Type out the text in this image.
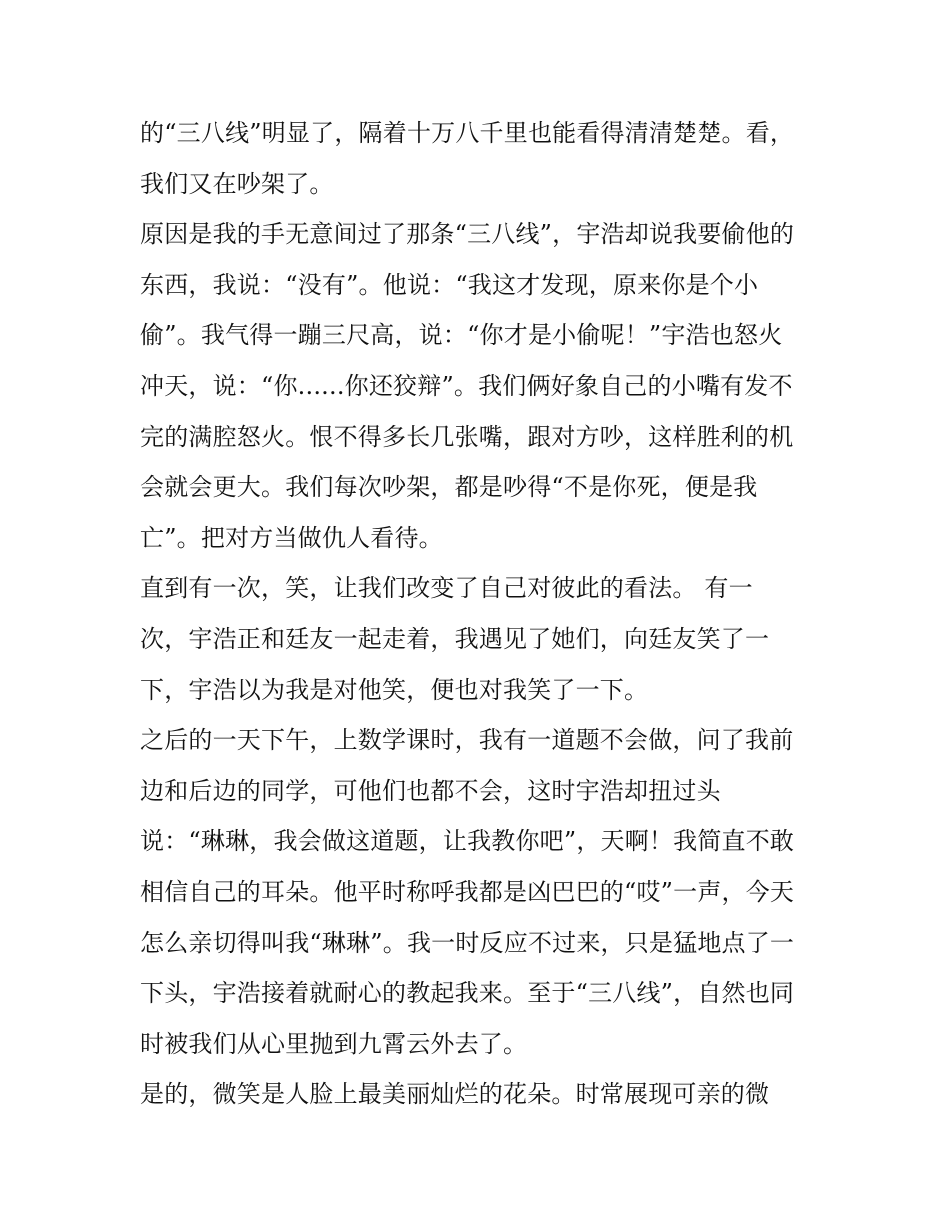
的“三八线”明显了，隔着十万八千里也能看得清清楚楚。看，
我们又在吵架了。
原因是我的手无意间过了那条“三八线”，宇浩却说我要偷他的
东西，我说：“没有”。他说：“我这才发现，原来你是个小
偷”。我气得一蹦三尺高，说：“你才是小偷呢！”宇浩也怒火
冲天，说：“你......你还狡辩”。我们俩好象自己的小嘴有发不
完的满腔怒火。恨不得多长几张嘴，跟对方吵，这样胜利的机
会就会更大。我们每次吵架，都是吵得“不是你死，便是我
亡”。把对方当做仇人看待。
直到有一次，笑，让我们改变了自己对彼此的看法。 有一
次，宇浩正和廷友一起走着，我遇见了她们，向廷友笑了一
下，宇浩以为我是对他笑，便也对我笑了一下。
之后的一天下午，上数学课时，我有一道题不会做，问了我前
边和后边的同学，可他们也都不会，这时宇浩却扭过头
说：“琳琳，我会做这道题，让我教你吧”，天啊！我简直不敢
相信自己的耳朵。他平时称呼我都是凶巴巴的“哎”一声，今天
怎么亲切得叫我“琳琳”。我一时反应不过来，只是猛地点了一
下头，宇浩接着就耐心的教起我来。至于“三八线”，自然也同
时被我们从心里抛到九霄云外去了。
是的，微笑是人脸上最美丽灿烂的花朵。时常展现可亲的微
